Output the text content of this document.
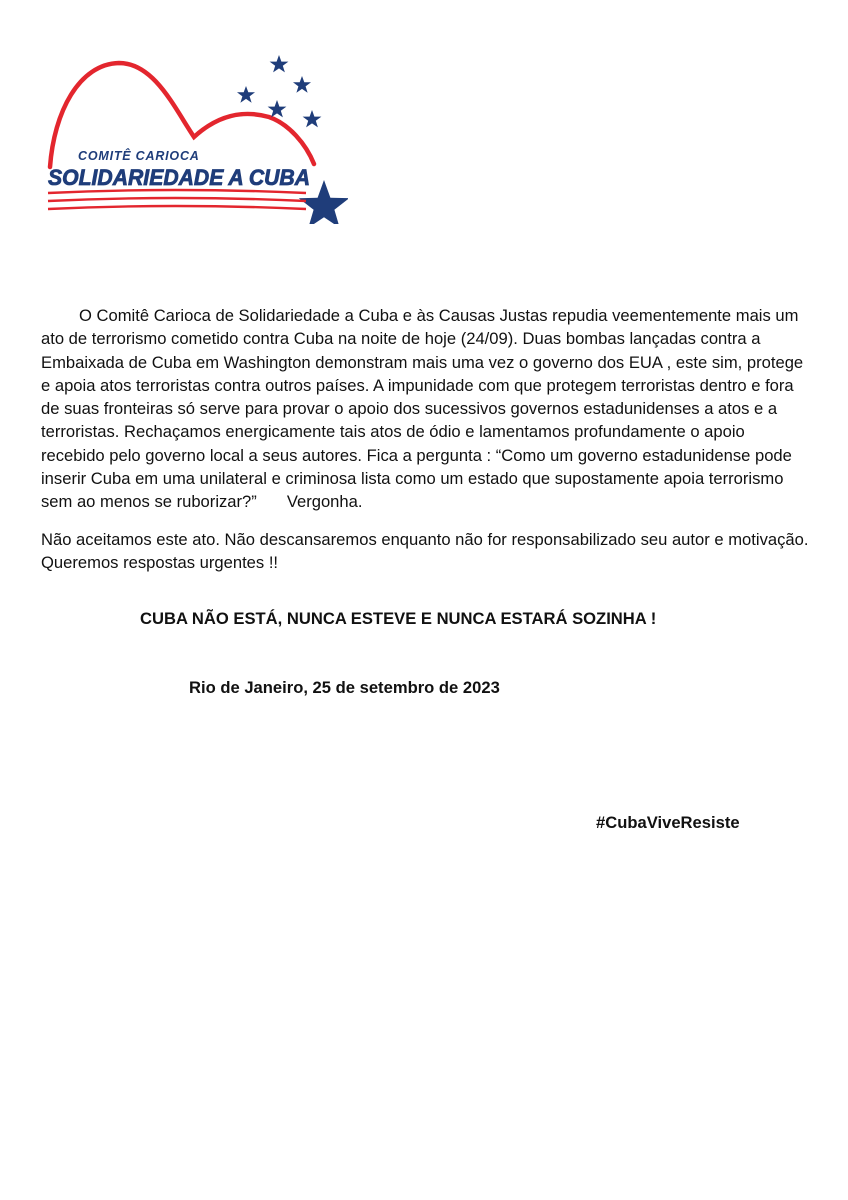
COMITÊ CARIOCA
SOLIDARIEDADE A CUBA

O Comitê Carioca de Solidariedade a Cuba e às Causas Justas repudia veementemente mais um ato de terrorismo cometido contra Cuba na noite de hoje (24/09). Duas bombas lançadas contra a Embaixada de Cuba em Washington demonstram mais uma vez o governo dos EUA , este sim, protege e apoia atos terroristas contra outros países. A impunidade com que protegem terroristas dentro e fora de suas fronteiras só serve para provar o apoio dos sucessivos governos estadunidenses a atos e a terroristas. Rechaçamos energicamente tais atos de ódio e lamentamos profundamente o apoio recebido pelo governo local a seus autores. Fica a pergunta : “Como um governo estadunidense pode inserir Cuba em uma unilateral e criminosa lista como um estado que supostamente apoia terrorismo sem ao menos se ruborizar?” Vergonha.

Não aceitamos este ato. Não descansaremos enquanto não for responsabilizado seu autor e motivação. Queremos respostas urgentes !!

CUBA NÃO ESTÁ, NUNCA ESTEVE E NUNCA ESTARÁ SOZINHA !
Rio de Janeiro, 25 de setembro de 2023
#CubaViveResiste
